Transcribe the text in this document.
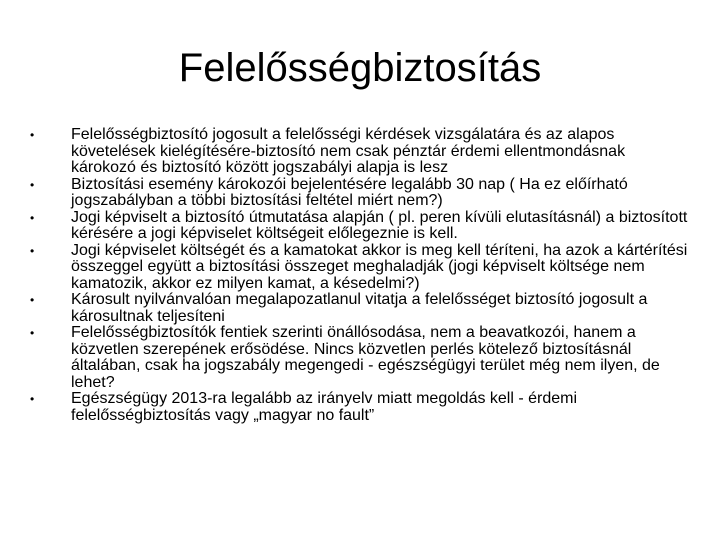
Felelősségbiztosítás
• Felelősségbiztosító jogosult a felelősségi kérdések vizsgálatára és az alapos követelések kielégítésére-biztosító nem csak pénztár érdemi ellentmondásnak károkozó és biztosító között jogszabályi alapja is lesz
• Biztosítási esemény károkozói bejelentésére legalább 30 nap ( Ha ez előírható jogszabályban a többi biztosítási feltétel miért nem?)
• Jogi képviselt a biztosító útmutatása alapján ( pl. peren kívüli elutasításnál) a biztosított kérésére a jogi képviselet költségeit előlegeznie is kell.
• Jogi képviselet költségét és a kamatokat akkor is meg kell téríteni, ha azok a kártérítési összeggel együtt a biztosítási összeget meghaladják (jogi képviselt költsége nem kamatozik, akkor ez milyen kamat, a késedelmi?)
• Károsult nyilvánvalóan megalapozatlanul vitatja a felelősséget biztosító jogosult a károsultnak teljesíteni
• Felelősségbiztosítók fentiek szerinti önállósodása, nem a beavatkozói, hanem a közvetlen szerepének erősödése. Nincs közvetlen perlés kötelező biztosításnál általában, csak ha jogszabály megengedi - egészségügyi terület még nem ilyen, de lehet?
• Egészségügy 2013-ra legalább az irányelv miatt megoldás kell - érdemi felelősségbiztosítás vagy „magyar no fault”
